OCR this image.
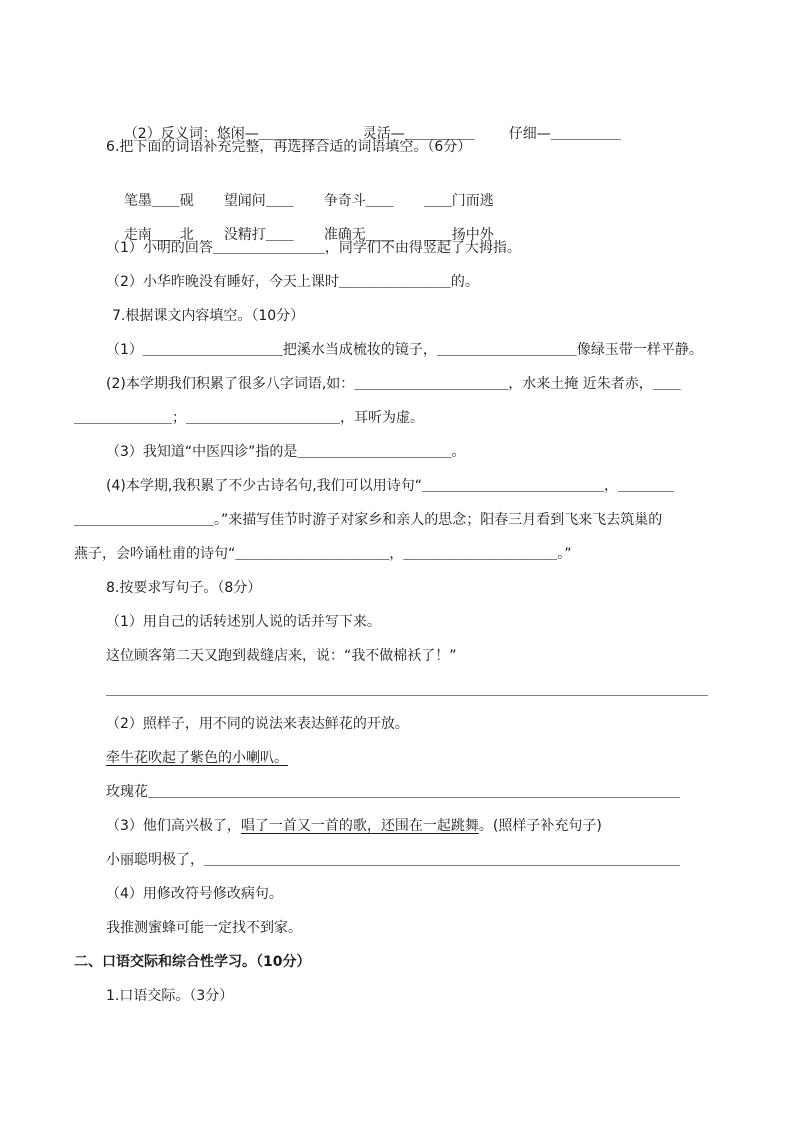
（2）反义词：悠闲—＿＿＿＿＿ 灵活—＿＿＿＿＿ 仔细—＿＿＿＿＿

6.把下面的词语补充完整，再选择合适的词语填空。（6分）

笔墨＿＿砚 望闻问＿＿ 争奇斗＿＿ ＿＿门而逃

走南＿＿北 没精打＿＿ 准确无＿＿ ＿＿扬中外

（1）小明的回答＿＿＿＿＿＿＿＿，同学们不由得竖起了大拇指。
（2）小华昨晚没有睡好，今天上课时＿＿＿＿＿＿＿＿的。
7.根据课文内容填空。（10分）
（1）＿＿＿＿＿＿＿＿＿＿把溪水当成梳妆的镜子，＿＿＿＿＿＿＿＿＿＿像绿玉带一样平静。
(2)本学期我们积累了很多八字词语,如：＿＿＿＿＿＿＿＿＿＿＿，水来土掩 近朱者赤，＿＿
＿＿＿＿＿＿＿；＿＿＿＿＿＿＿＿＿＿＿，耳听为虚。
（3）我知道“中医四诊”指的是＿＿＿＿＿＿＿＿＿＿＿。
(4)本学期,我积累了不少古诗名句,我们可以用诗句“＿＿＿＿＿＿＿＿＿＿＿＿＿，＿＿＿＿
＿＿＿＿＿＿＿＿＿＿。”来描写佳节时游子对家乡和亲人的思念；阳春三月看到飞来飞去筑巢的
燕子，会吟诵杜甫的诗句“＿＿＿＿＿＿＿＿＿＿＿，＿＿＿＿＿＿＿＿＿＿＿。”
8.按要求写句子。（8分）
（1）用自己的话转述别人说的话并写下来。
这位顾客第二天又跑到裁缝店来，说：“我不做棉袄了！”
＿＿＿＿＿＿＿＿＿＿＿＿＿＿＿＿＿＿＿＿＿＿＿＿＿＿＿＿＿＿＿＿＿＿＿＿＿＿＿＿＿＿＿
（2）照样子，用不同的说法来表达鲜花的开放。
牵牛花吹起了紫色的小喇叭。
玫瑰花＿＿＿＿＿＿＿＿＿＿＿＿＿＿＿＿＿＿＿＿＿＿＿＿＿＿＿＿＿＿＿＿＿＿＿＿＿＿
（3）他们高兴极了，唱了一首又一首的歌，还围在一起跳舞。(照样子补充句子)
小丽聪明极了，＿＿＿＿＿＿＿＿＿＿＿＿＿＿＿＿＿＿＿＿＿＿＿＿＿＿＿＿＿＿＿＿＿＿
（4）用修改符号修改病句。
我推测蜜蜂可能一定找不到家。
二、口语交际和综合性学习。（10分）
1.口语交际。（3分）
